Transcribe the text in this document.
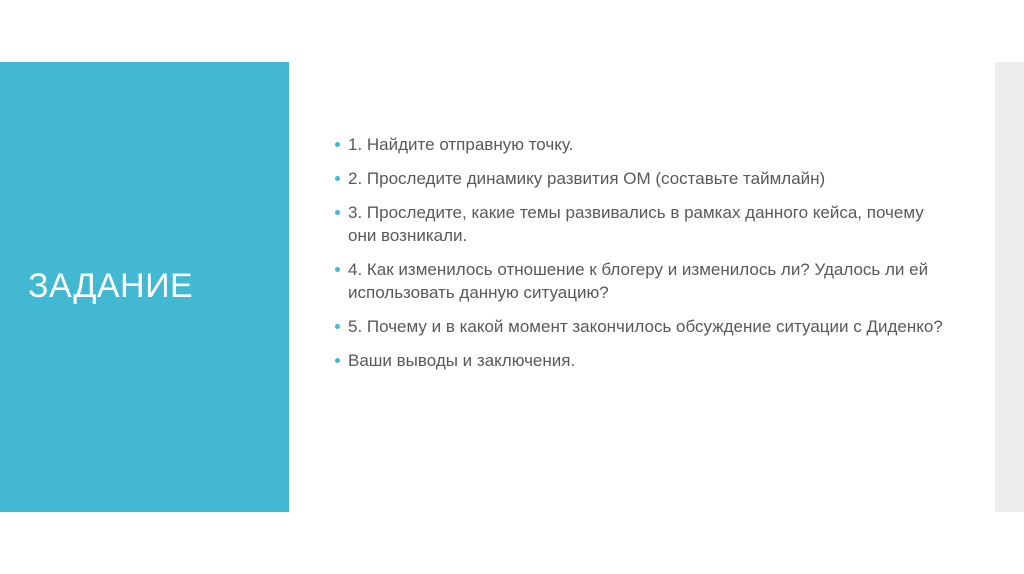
ЗАДАНИЕ
1. Найдите отправную точку.
2. Проследите динамику развития ОМ (составьте таймлайн)
3. Проследите, какие темы развивались в рамках данного кейса, почему они возникали.
4. Как изменилось отношение к блогеру и изменилось ли? Удалось ли ей использовать данную ситуацию?
5. Почему и в какой момент закончилось обсуждение ситуации с Диденко?
Ваши выводы и заключения.
